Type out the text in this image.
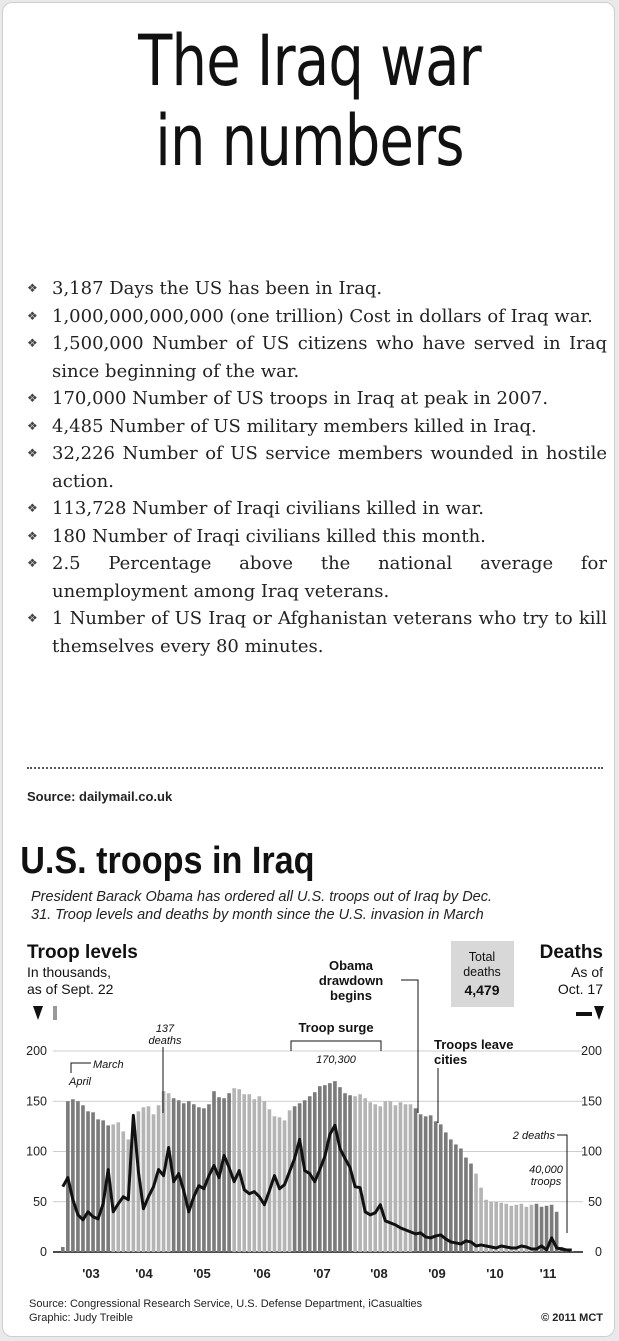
The Iraq war
in numbers
❖ 3,187 Days the US has been in Iraq.
❖ 1,000,000,000,000 (one trillion) Cost in dollars of Iraq war.
❖ 1,500,000 Number of US citizens who have served in Iraq since beginning of the war.
❖ 170,000 Number of US troops in Iraq at peak in 2007.
❖ 4,485 Number of US military members killed in Iraq.
❖ 32,226 Number of US service members wounded in hostile action.
❖ 113,728 Number of Iraqi civilians killed in war.
❖ 180 Number of Iraqi civilians killed this month.
❖ 2.5 Percentage above the national average for unemployment among Iraq veterans.
❖ 1 Number of US Iraq or Afghanistan veterans who try to kill themselves every 80 minutes.
Source: dailymail.co.uk
U.S. troops in Iraq
President Barack Obama has ordered all U.S. troops out of Iraq by Dec.
31. Troop levels and deaths by month since the U.S. invasion in March
Troop levels
In thousands,
as of Sept. 22
Deaths
As of
Oct. 17
Total
deaths
4,479
0
50
100
150
200
0
50
100
150
200
'03	'04	'05	'06	'07	'08	'09	'10	'11
March
April
137
deaths
Troop surge
170,300
Obama
drawdown
begins
Troops leave
cities
2 deaths
40,000
troops
Source: Congressional Research Service, U.S. Defense Department, iCasualties
Graphic: Judy Treible	© 2011 MCT
